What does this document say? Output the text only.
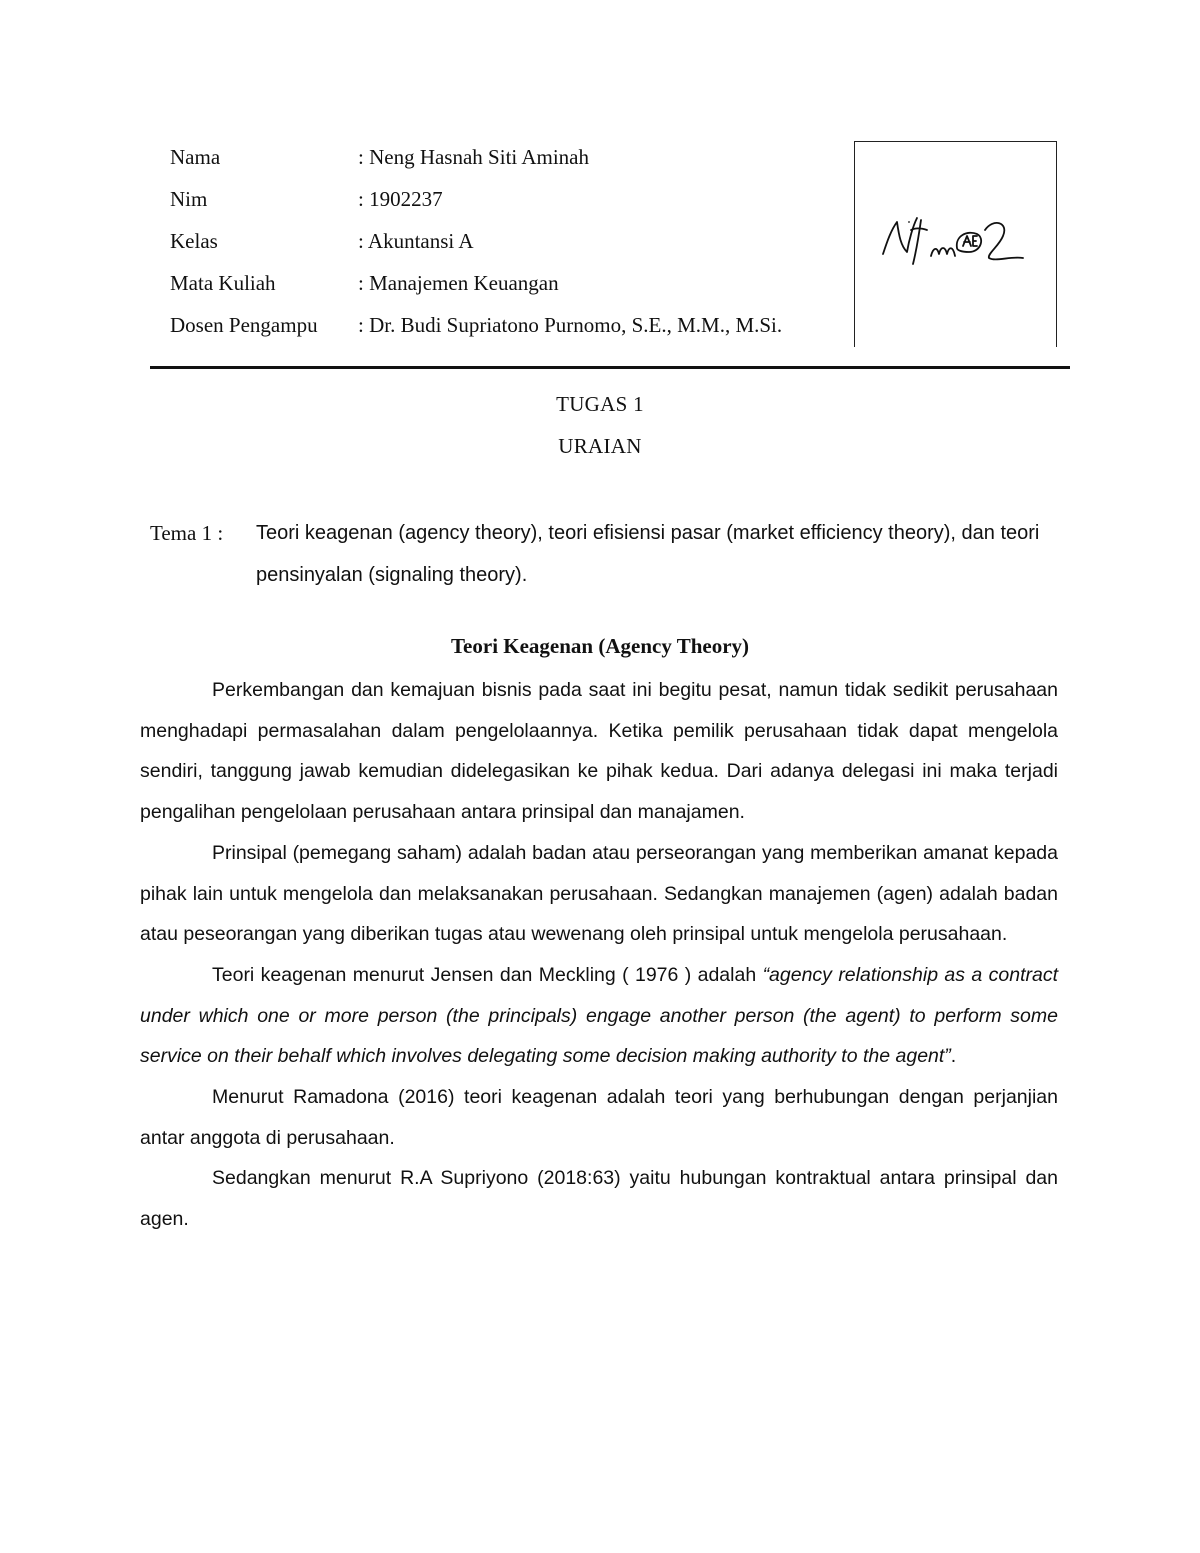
Nama	: Neng Hasnah Siti Aminah
Nim	: 1902237
Kelas	: Akuntansi A
Mata Kuliah	: Manajemen Keuangan
Dosen Pengampu	: Dr. Budi Supriatono Purnomo, S.E., M.M., M.Si.
TUGAS 1
URAIAN
Tema 1 : Teori keagenan (agency theory), teori efisiensi pasar (market efficiency theory), dan teori pensinyalan (signaling theory).
Teori Keagenan (Agency Theory)

Perkembangan dan kemajuan bisnis pada saat ini begitu pesat, namun tidak sedikit perusahaan menghadapi permasalahan dalam pengelolaannya. Ketika pemilik perusahaan tidak dapat mengelola sendiri, tanggung jawab kemudian didelegasikan ke pihak kedua. Dari adanya delegasi ini maka terjadi pengalihan pengelolaan perusahaan antara prinsipal dan manajamen.

Prinsipal (pemegang saham) adalah badan atau perseorangan yang memberikan amanat kepada pihak lain untuk mengelola dan melaksanakan perusahaan. Sedangkan manajemen (agen) adalah badan atau peseorangan yang diberikan tugas atau wewenang oleh prinsipal untuk mengelola perusahaan.

Teori keagenan menurut Jensen dan Meckling ( 1976 ) adalah “agency relationship as a contract under which one or more person (the principals) engage another person (the agent) to perform some service on their behalf which involves delegating some decision making authority to the agent”.

Menurut Ramadona (2016) teori keagenan adalah teori yang berhubungan dengan perjanjian antar anggota di perusahaan.

Sedangkan menurut R.A Supriyono (2018:63) yaitu hubungan kontraktual antara prinsipal dan agen.
